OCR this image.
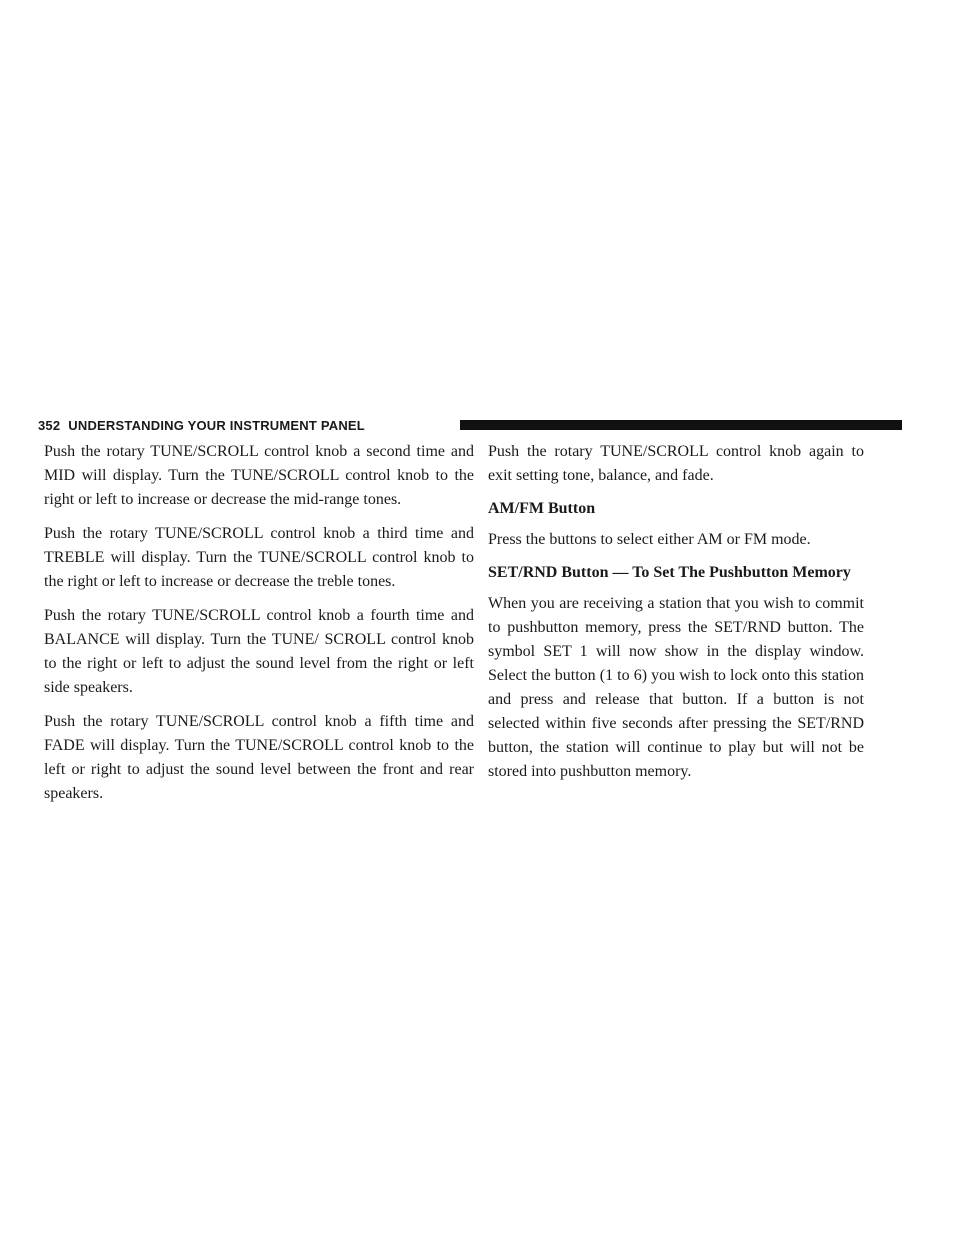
352 UNDERSTANDING YOUR INSTRUMENT PANEL

Push the rotary TUNE/SCROLL control knob a second time and MID will display. Turn the TUNE/SCROLL control knob to the right or left to increase or decrease the mid-range tones.

Push the rotary TUNE/SCROLL control knob a third time and TREBLE will display. Turn the TUNE/SCROLL control knob to the right or left to increase or decrease the treble tones.

Push the rotary TUNE/SCROLL control knob a fourth time and BALANCE will display. Turn the TUNE/ SCROLL control knob to the right or left to adjust the sound level from the right or left side speakers.

Push the rotary TUNE/SCROLL control knob a fifth time and FADE will display. Turn the TUNE/SCROLL control knob to the left or right to adjust the sound level between the front and rear speakers.

Push the rotary TUNE/SCROLL control knob again to exit setting tone, balance, and fade.

AM/FM Button

Press the buttons to select either AM or FM mode.

SET/RND Button — To Set The Pushbutton Memory

When you are receiving a station that you wish to commit to pushbutton memory, press the SET/RND button. The symbol SET 1 will now show in the display window. Select the button (1 to 6) you wish to lock onto this station and press and release that button. If a button is not selected within five seconds after pressing the SET/RND button, the station will continue to play but will not be stored into pushbutton memory.
